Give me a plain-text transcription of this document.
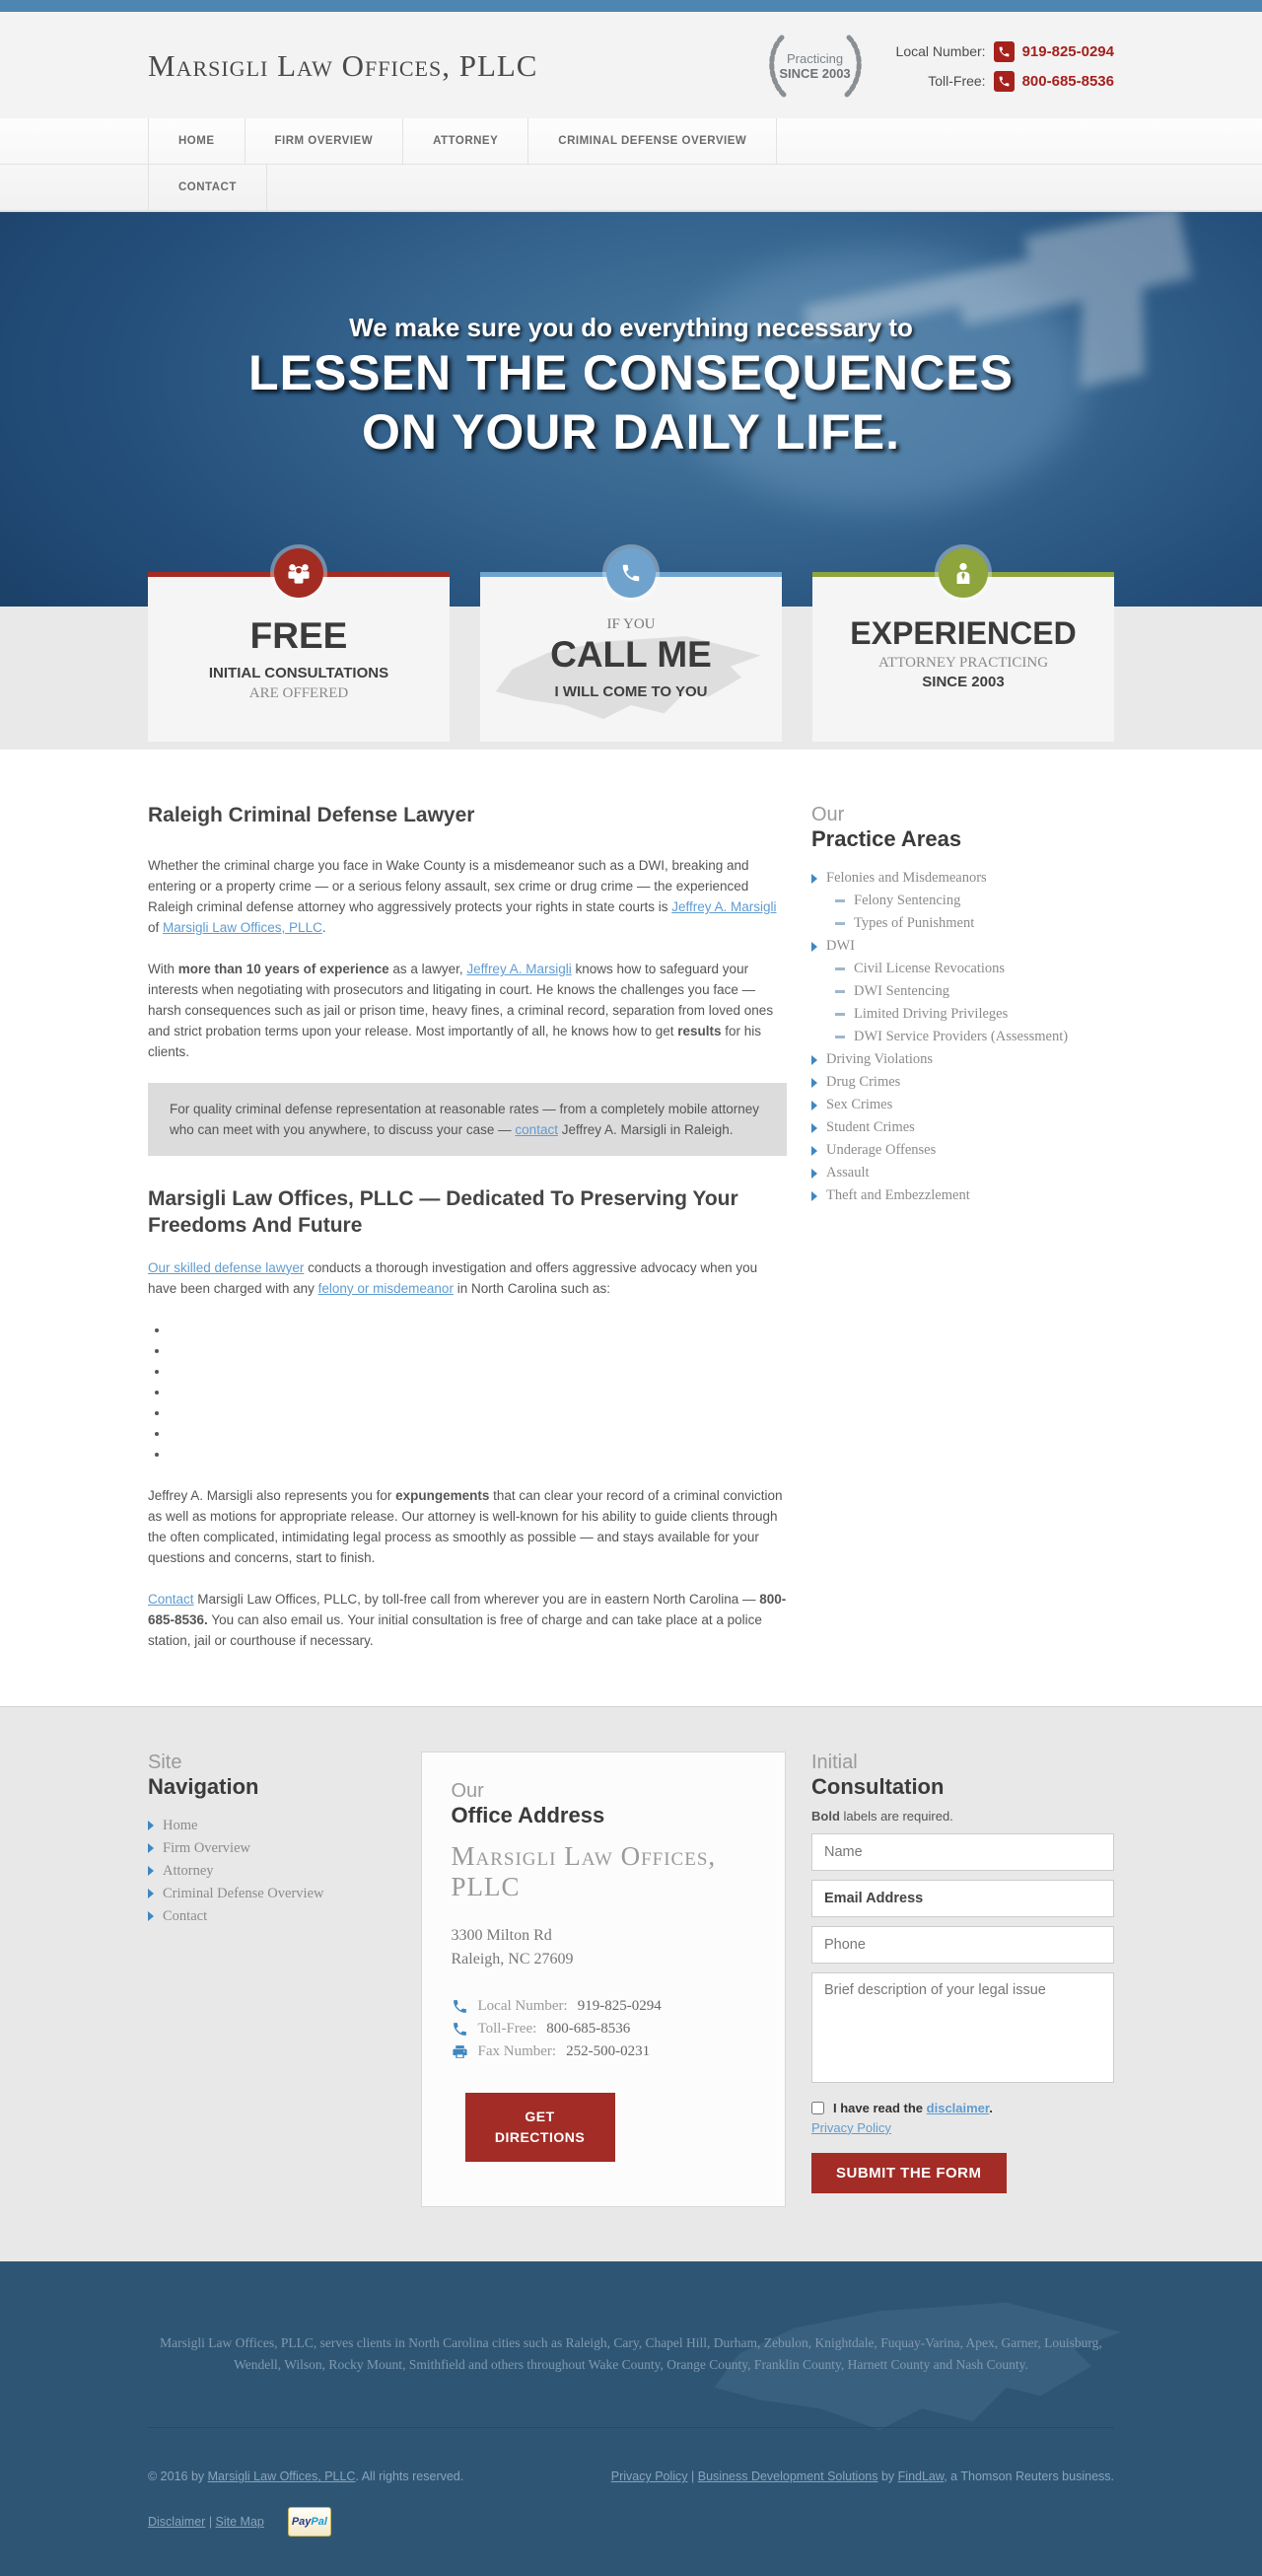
Marsigli Law Offices, PLLC	Practicing
SINCE 2003
Local Number: 919-825-0294
Toll-Free: 800-685-8536
HOME	FIRM OVERVIEW	ATTORNEY	CRIMINAL DEFENSE OVERVIEW
CONTACT
We make sure you do everything necessary to
LESSEN THE CONSEQUENCES
ON YOUR DAILY LIFE.
FREE
INITIAL CONSULTATIONS
ARE OFFERED
IF YOU
CALL ME
I WILL COME TO YOU
EXPERIENCED
ATTORNEY PRACTICING
SINCE 2003
Raleigh Criminal Defense Lawyer

Whether the criminal charge you face in Wake County is a misdemeanor such as a DWI, breaking and entering or a property crime — or a serious felony assault, sex crime or drug crime — the experienced Raleigh criminal defense attorney who aggressively protects your rights in state courts is Jeffrey A. Marsigli of Marsigli Law Offices, PLLC.

With more than 10 years of experience as a lawyer, Jeffrey A. Marsigli knows how to safeguard your interests when negotiating with prosecutors and litigating in court. He knows the challenges you face — harsh consequences such as jail or prison time, heavy fines, a criminal record, separation from loved ones and strict probation terms upon your release. Most importantly of all, he knows how to get results for his clients.

For quality criminal defense representation at reasonable rates — from a completely mobile attorney who can meet with you anywhere, to discuss your case — contact Jeffrey A. Marsigli in Raleigh.

Marsigli Law Offices, PLLC — Dedicated To Preserving Your Freedoms And Future

Our skilled defense lawyer conducts a thorough investigation and offers aggressive advocacy when you have been charged with any felony or misdemeanor in North Carolina such as:

•
•
•
•
•
•
•

Jeffrey A. Marsigli also represents you for expungements that can clear your record of a criminal conviction as well as motions for appropriate release. Our attorney is well-known for his ability to guide clients through the often complicated, intimidating legal process as smoothly as possible — and stays available for your questions and concerns, start to finish.

Contact Marsigli Law Offices, PLLC, by toll-free call from wherever you are in eastern North Carolina — 800-685-8536. You can also email us. Your initial consultation is free of charge and can take place at a police station, jail or courthouse if necessary.

Our
Practice Areas
Felonies and Misdemeanors
Felony Sentencing
Types of Punishment
DWI
Civil License Revocations
DWI Sentencing
Limited Driving Privileges
DWI Service Providers (Assessment)
Driving Violations
Drug Crimes
Sex Crimes
Student Crimes
Underage Offenses
Assault
Theft and Embezzlement
Site
Navigation
Home
Firm Overview
Attorney
Criminal Defense Overview
Contact
Our
Office Address
Marsigli Law Offices, PLLC
3300 Milton Rd
Raleigh, NC 27609
Local Number: 919-825-0294
Toll-Free: 800-685-8536
Fax Number: 252-500-0231
GET DIRECTIONS
Initial
Consultation
Bold labels are required.
Name Email Address Phone Brief description of your legal issue
I have read the disclaimer.
Privacy Policy
SUBMIT THE FORM

Marsigli Law Offices, PLLC, serves clients in North Carolina cities such as Raleigh, Cary, Chapel Hill, Durham, Zebulon, Knightdale, Fuquay-Varina, Apex, Garner, Louisburg, Wendell, Wilson, Rocky Mount, Smithfield and others throughout Wake County, Orange County, Franklin County, Harnett County and Nash County.

© 2016 by Marsigli Law Offices, PLLC. All rights reserved.	Privacy Policy | Business Development Solutions by FindLaw, a Thomson Reuters business.
Disclaimer | Site Map	PayPal
